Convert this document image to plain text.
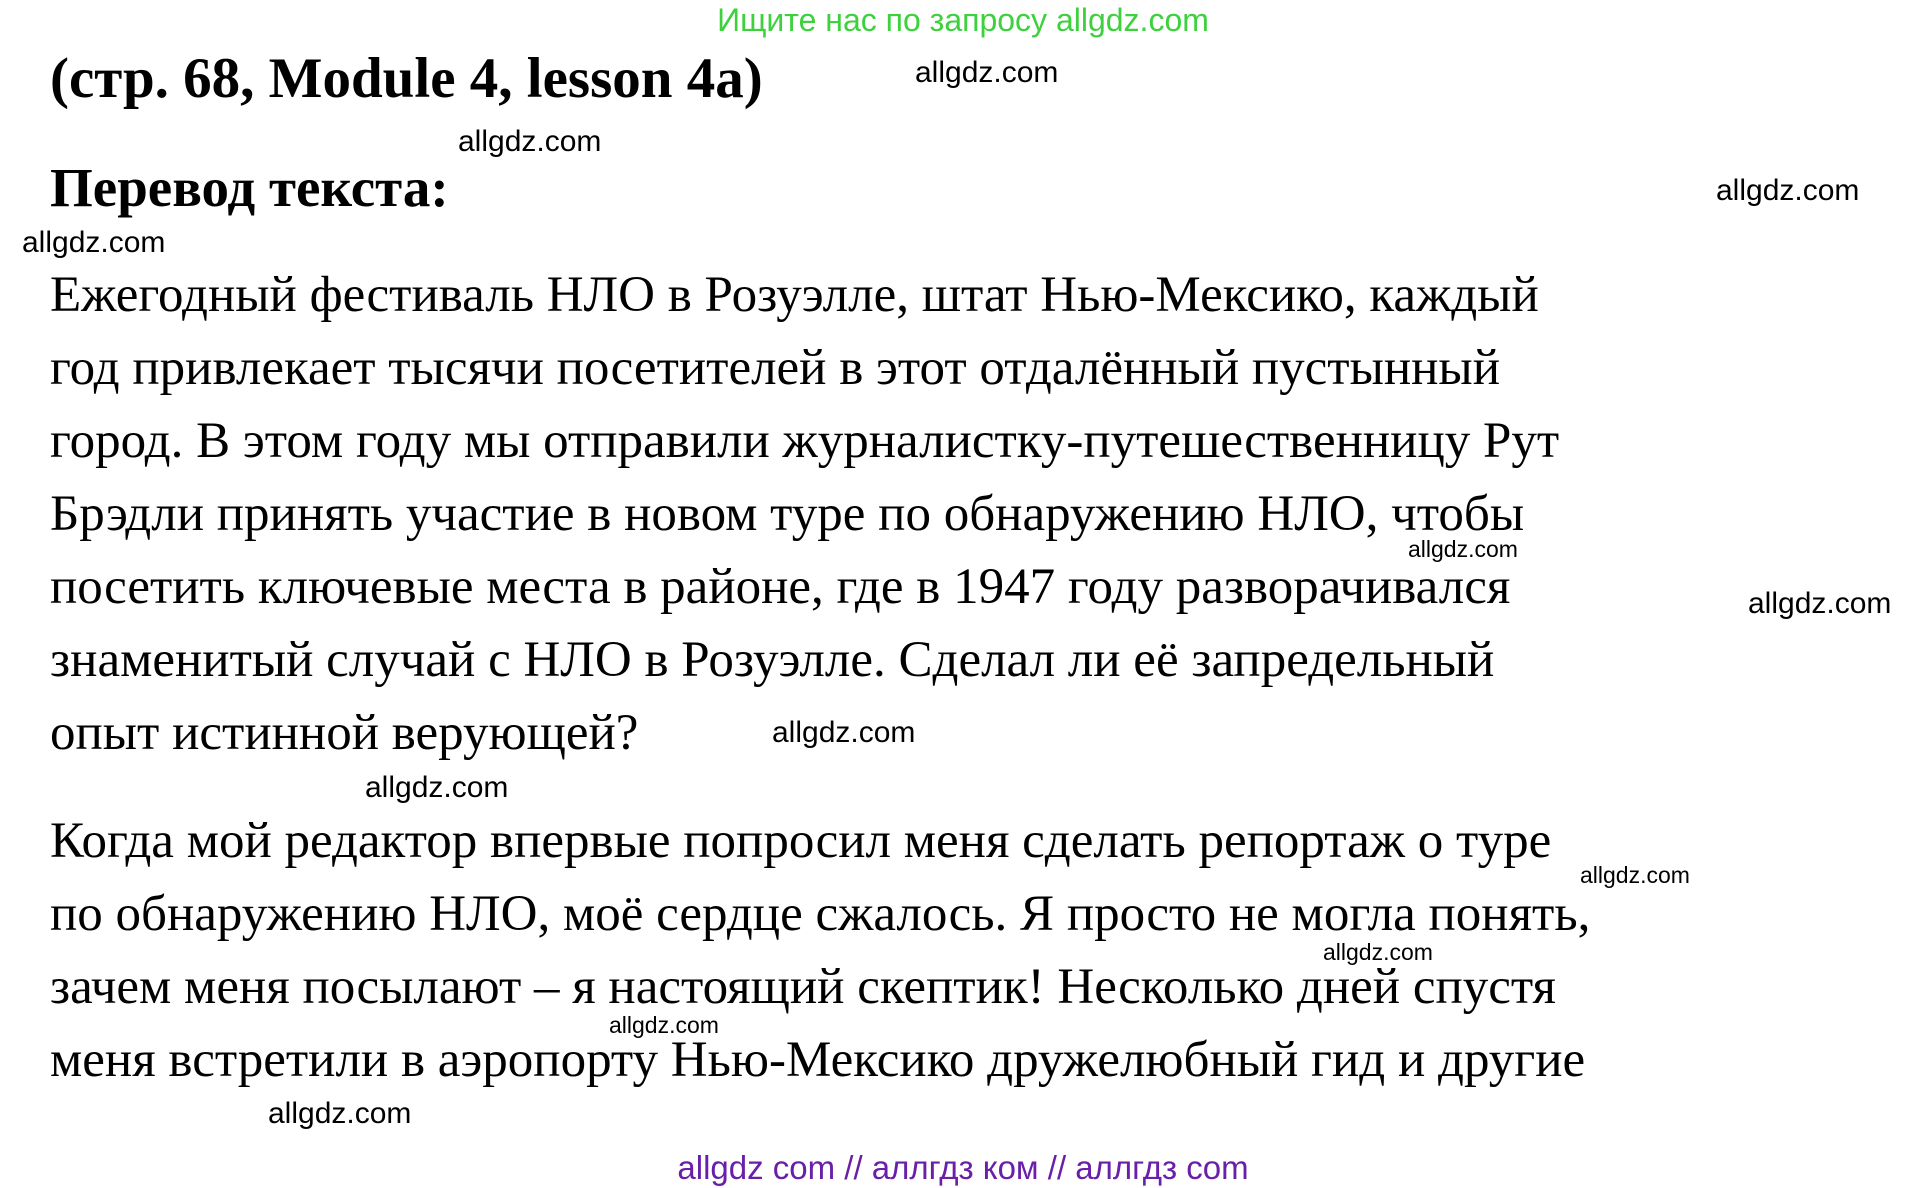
Ищите нас по запросу allgdz.com
(стр. 68, Module 4, lesson 4a)
Перевод текста:

Ежегодный фестиваль НЛО в Розуэлле, штат Нью-Мексико, каждый
год привлекает тысячи посетителей в этот отдалённый пустынный
город. В этом году мы отправили журналистку-путешественницу Рут
Брэдли принять участие в новом туре по обнаружению НЛО, чтобы
посетить ключевые места в районе, где в 1947 году разворачивался
знаменитый случай с НЛО в Розуэлле. Сделал ли её запредельный
опыт истинной верующей?

Когда мой редактор впервые попросил меня сделать репортаж о туре
по обнаружению НЛО, моё сердце сжалось. Я просто не могла понять,
зачем меня посылают – я настоящий скептик! Несколько дней спустя
меня встретили в аэропорту Нью-Мексико дружелюбный гид и другие

allgdz.com
allgdz.com
allgdz.com
allgdz.com
allgdz.com
allgdz.com
allgdz.com
allgdz.com
allgdz.com
allgdz.com
allgdz.com
allgdz.com
allgdz com // аллгдз ком // аллгдз com
